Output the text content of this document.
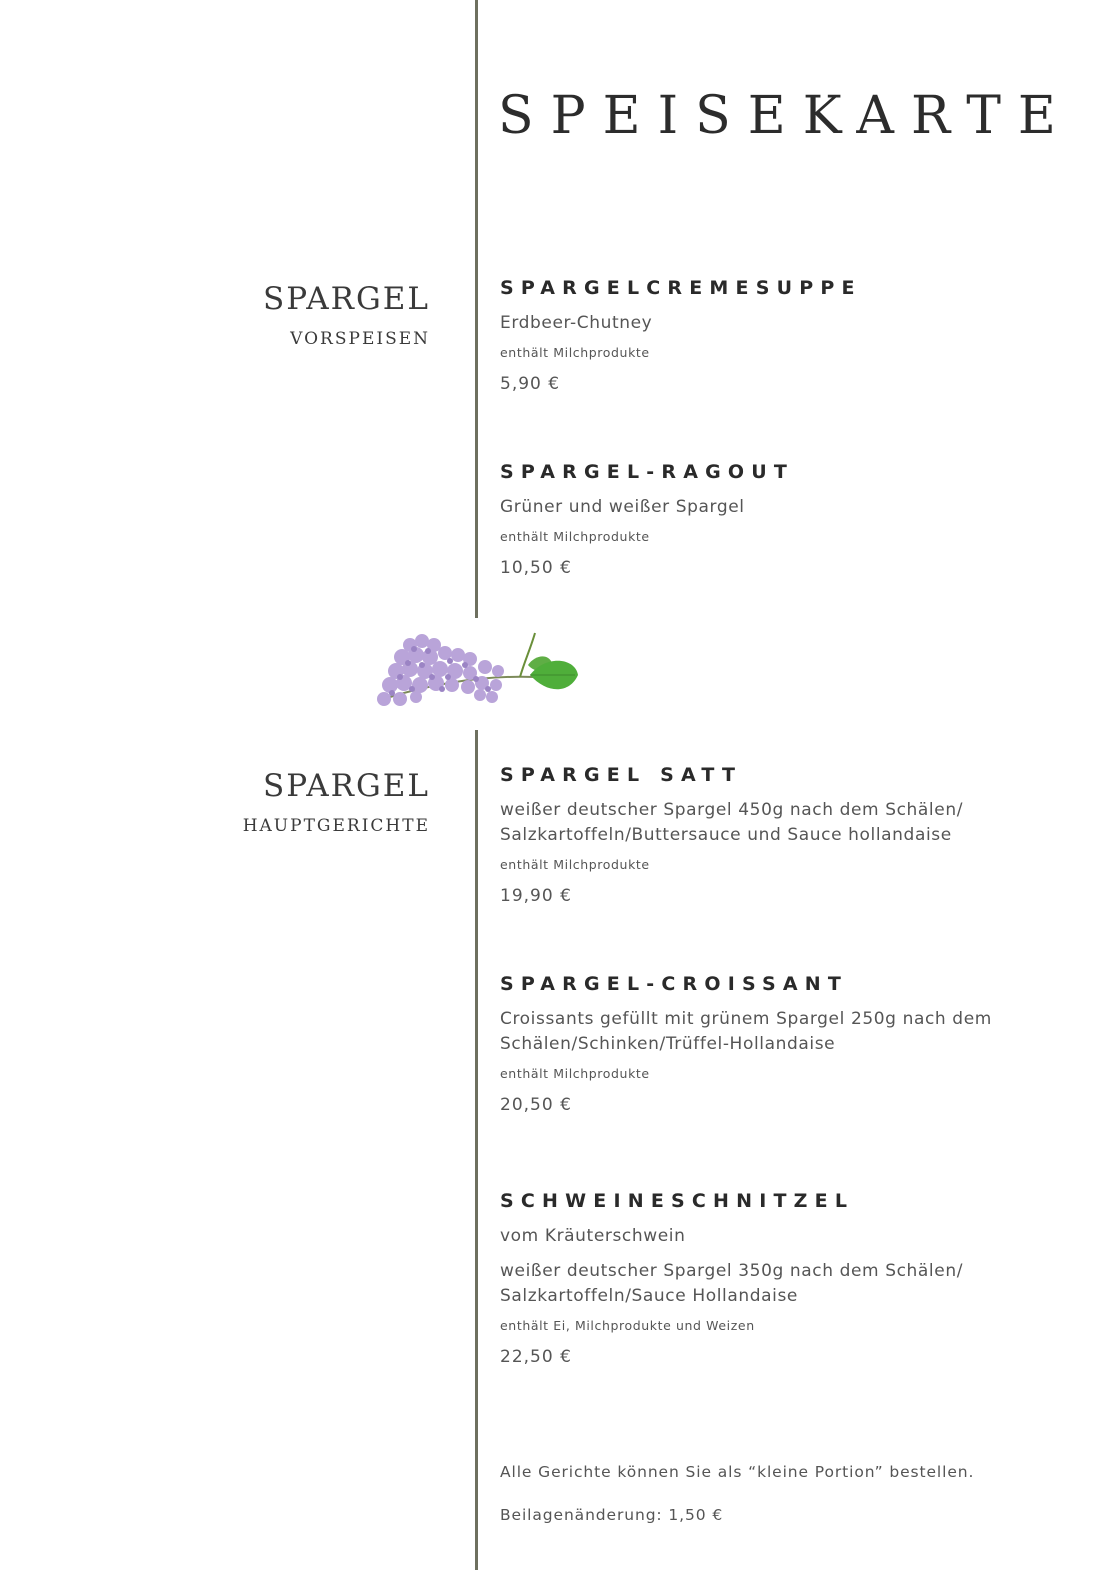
SPEISEKARTE
SPARGEL
VORSPEISEN
SPARGELCREMESUPPE
Erdbeer-Chutney
enthält Milchprodukte
5,90 €
SPARGEL-RAGOUT
Grüner und weißer Spargel
enthält Milchprodukte
10,50 €
SPARGEL
HAUPTGERICHTE
SPARGEL SATT
weißer deutscher Spargel 450g nach dem Schälen/ Salzkartoffeln/Buttersauce und Sauce hollandaise
enthält Milchprodukte
19,90 €
SPARGEL-CROISSANT
Croissants gefüllt mit grünem Spargel 250g nach dem Schälen/Schinken/Trüffel-Hollandaise
enthält Milchprodukte
20,50 €
SCHWEINESCHNITZEL
vom Kräuterschwein
weißer deutscher Spargel 350g nach dem Schälen/ Salzkartoffeln/Sauce Hollandaise
enthält Ei, Milchprodukte und Weizen
22,50 €
Alle Gerichte können Sie als “kleine Portion” bestellen.
Beilagenänderung: 1,50 €
